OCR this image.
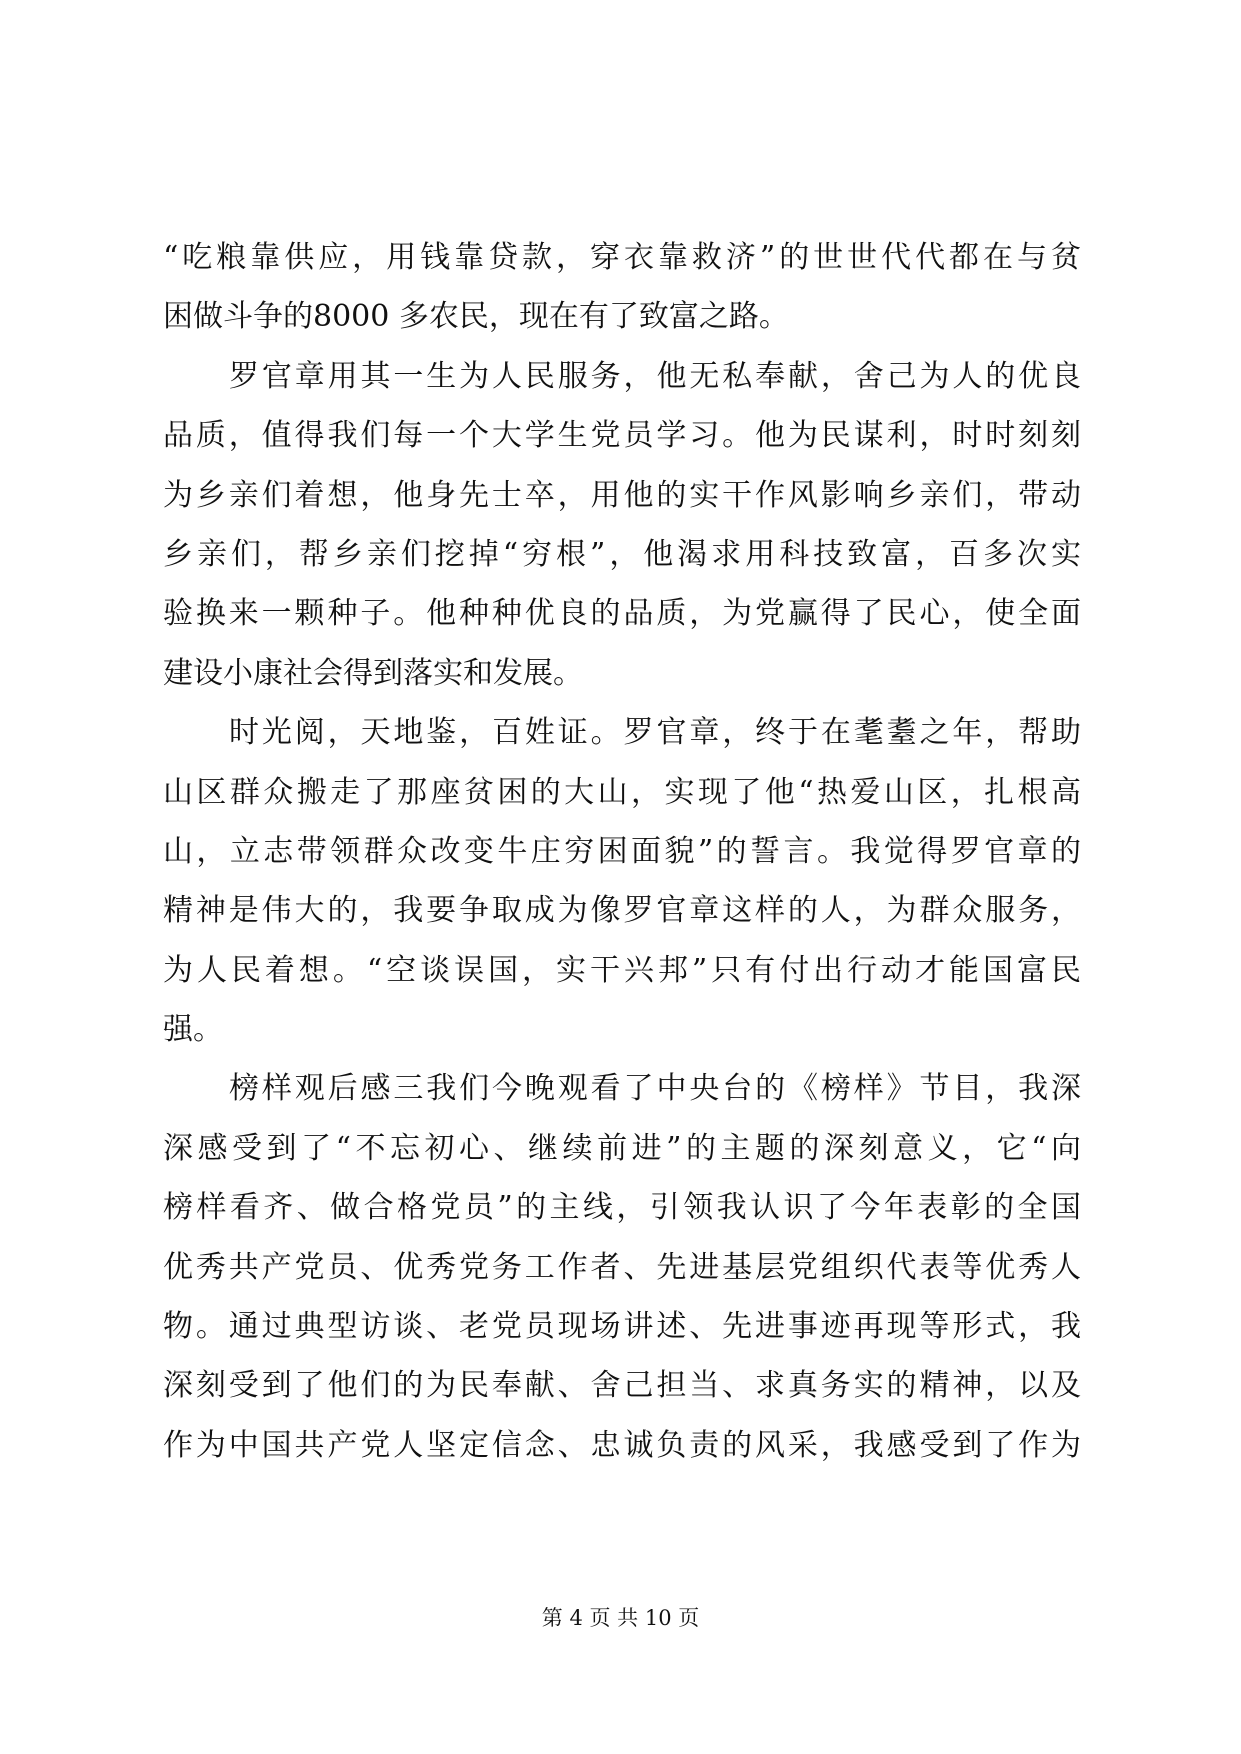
“吃粮靠供应，用钱靠贷款，穿衣靠救济”的世世代代都在与贫
困做斗争的8000 多农民，现在有了致富之路。
罗官章用其一生为人民服务，他无私奉献，舍己为人的优良
品质，值得我们每一个大学生党员学习。他为民谋利，时时刻刻
为乡亲们着想，他身先士卒，用他的实干作风影响乡亲们，带动
乡亲们，帮乡亲们挖掉“穷根”，他渴求用科技致富，百多次实
验换来一颗种子。他种种优良的品质，为党赢得了民心，使全面
建设小康社会得到落实和发展。
时光阅，天地鉴，百姓证。罗官章，终于在耄耋之年，帮助
山区群众搬走了那座贫困的大山，实现了他“热爱山区，扎根高
山，立志带领群众改变牛庄穷困面貌”的誓言。我觉得罗官章的
精神是伟大的，我要争取成为像罗官章这样的人，为群众服务，
为人民着想。“空谈误国，实干兴邦”只有付出行动才能国富民
强。
榜样观后感三我们今晚观看了中央台的《榜样》节目，我深
深感受到了“不忘初心、继续前进”的主题的深刻意义，它“向
榜样看齐、做合格党员”的主线，引领我认识了今年表彰的全国
优秀共产党员、优秀党务工作者、先进基层党组织代表等优秀人
物。通过典型访谈、老党员现场讲述、先进事迹再现等形式，我
深刻受到了他们的为民奉献、舍己担当、求真务实的精神，以及
作为中国共产党人坚定信念、忠诚负责的风采，我感受到了作为
第 4 页 共 10 页
